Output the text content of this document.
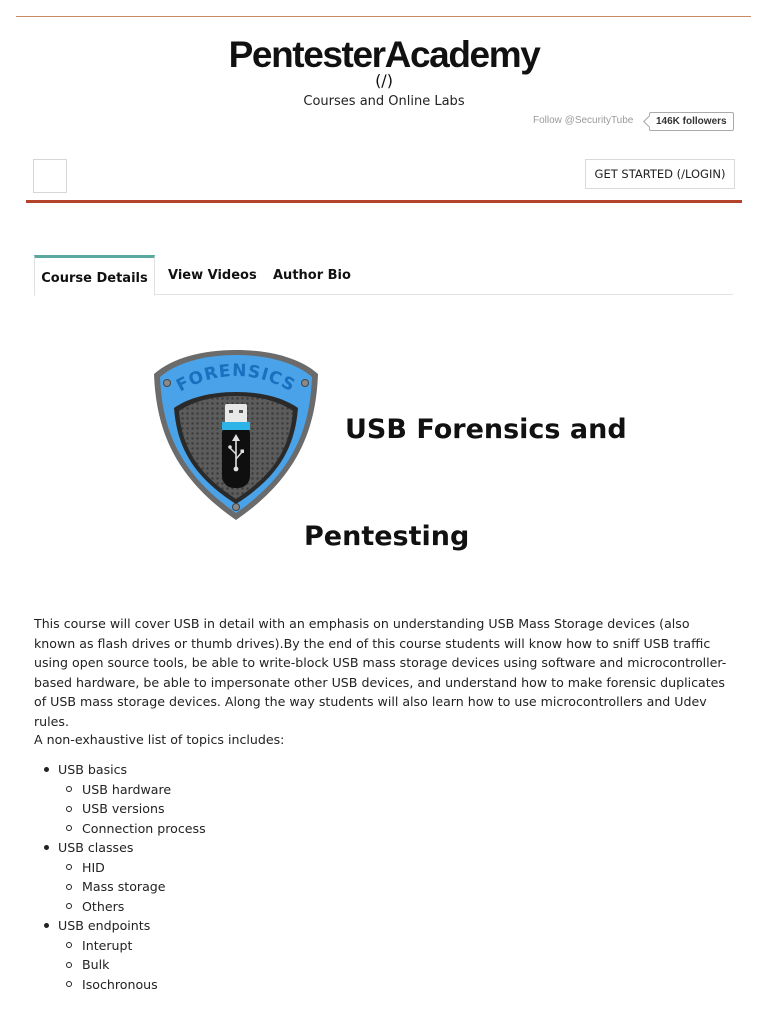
PentesterAcademy
(/)
Courses and Online Labs
Follow @SecurityTube	146K followers
GET STARTED (/LOGIN)
Course Details	View Videos Author Bio
FORENSICS
USB Forensics and
Pentesting

This course will cover USB in detail with an emphasis on understanding USB Mass Storage devices (also known as flash drives or thumb drives).By the end of this course students will know how to sniff USB traffic using open source tools, be able to write-block USB mass storage devices using software and microcontroller-based hardware, be able to impersonate other USB devices, and understand how to make forensic duplicates of USB mass storage devices. Along the way students will also learn how to use microcontrollers and Udev rules.

A non-exhaustive list of topics includes:

USB basics
USB hardware
USB versions
Connection process
USB classes
HID
Mass storage
Others
USB endpoints
Interupt
Bulk
Isochronous
